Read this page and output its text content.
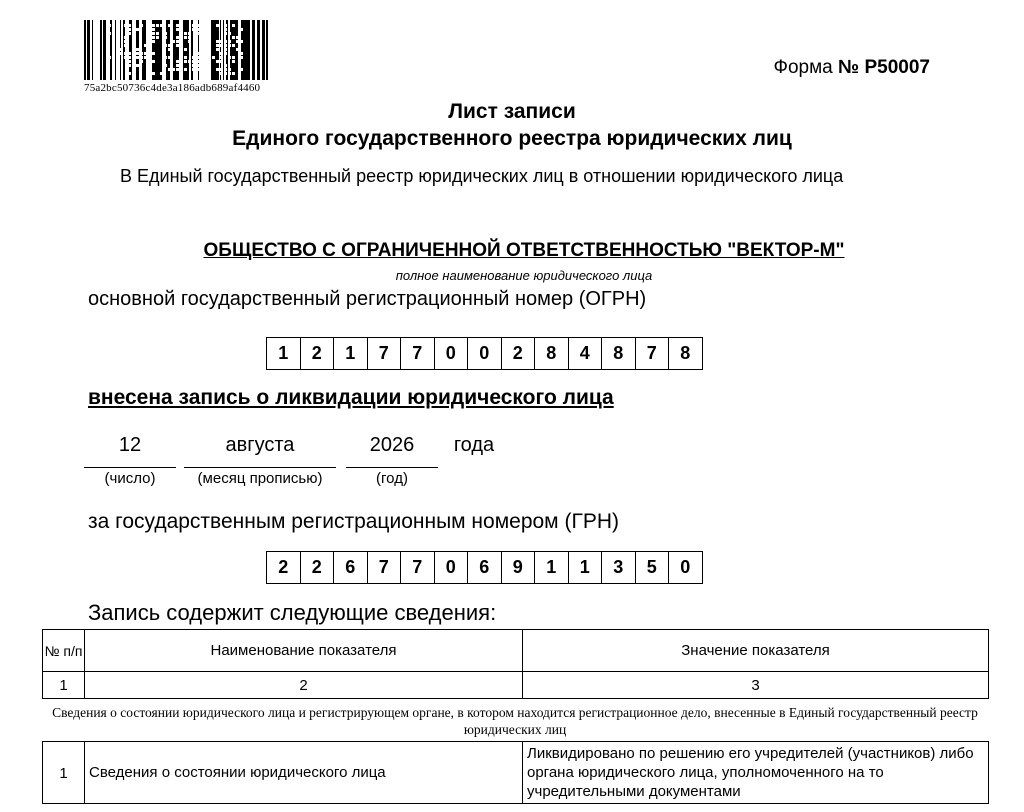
75a2bc50736c4de3a186adb689af4460
Форма № Р50007
Лист записи
Единого государственного реестра юридических лиц
В Единый государственный реестр юридических лиц в отношении юридического лица
ОБЩЕСТВО С ОГРАНИЧЕННОЙ ОТВЕТСТВЕННОСТЬЮ "ВЕКТОР-М"
полное наименование юридического лица
основной государственный регистрационный номер (ОГРН)
1	2	1	7	7	0	0	2	8	4	8	7	8
внесена запись о ликвидации юридического лица
12	августа	2026	года
(число)	(месяц прописью)	(год)
за государственным регистрационным номером (ГРН)
2	2	6	7	7	0	6	9	1	1	3	5	0
Запись содержит следующие сведения:
№ п/п	Наименование показателя	Значение показателя
1	2	3
Сведения о состоянии юридического лица и регистрирующем органе, в котором находится регистрационное дело, внесенные в Единый государственный реестр юридических лиц
1	Сведения о состоянии юридического лица	Ликвидировано по решению его учредителей (участников) либо органа юридического лица, уполномоченного на то учредительными документами
